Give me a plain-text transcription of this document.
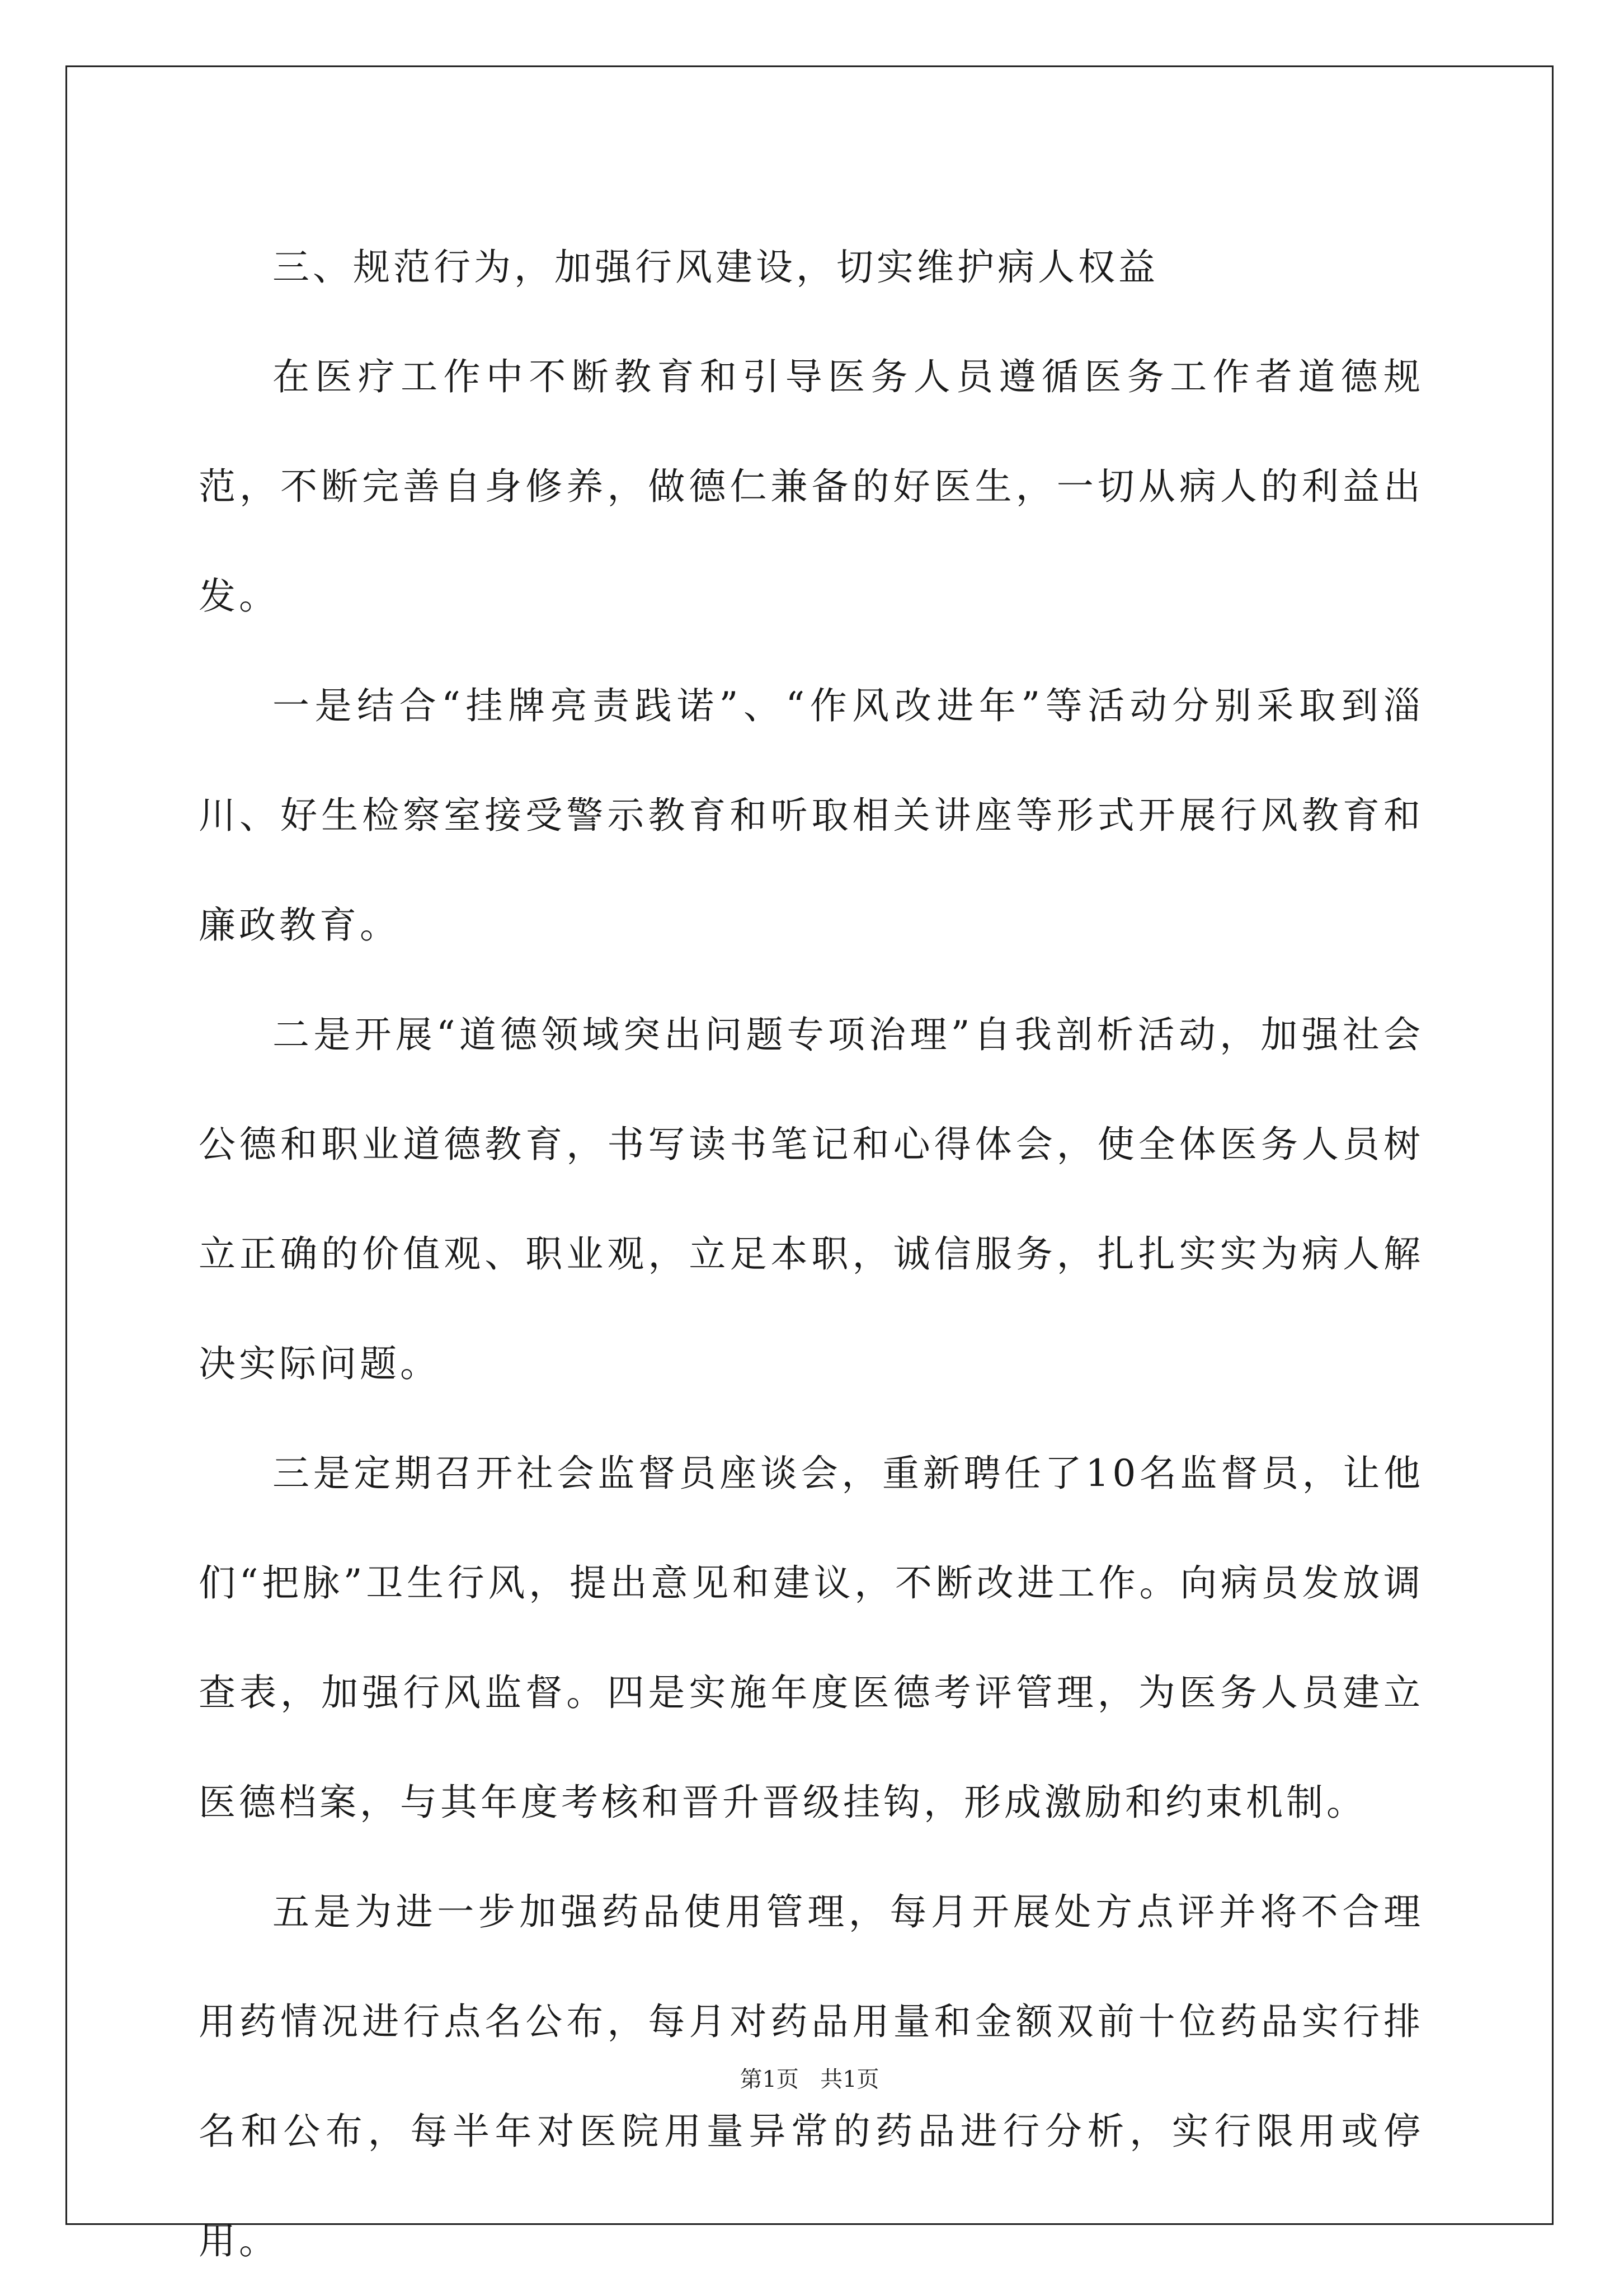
三、规范行为，加强行风建设，切实维护病人权益

在医疗工作中不断教育和引导医务人员遵循医务工作者道德规范，不断完善自身修养，做德仁兼备的好医生，一切从病人的利益出发。

一是结合“挂牌亮责践诺”、“作风改进年”等活动分别采取到淄川、好生检察室接受警示教育和听取相关讲座等形式开展行风教育和廉政教育。

二是开展“道德领域突出问题专项治理”自我剖析活动，加强社会公德和职业道德教育，书写读书笔记和心得体会，使全体医务人员树立正确的价值观、职业观，立足本职，诚信服务，扎扎实实为病人解决实际问题。

三是定期召开社会监督员座谈会，重新聘任了10名监督员，让他们“把脉”卫生行风，提出意见和建议，不断改进工作。向病员发放调查表，加强行风监督。四是实施年度医德考评管理，为医务人员建立医德档案，与其年度考核和晋升晋级挂钩，形成激励和约束机制。

五是为进一步加强药品使用管理，每月开展处方点评并将不合理用药情况进行点名公布，每月对药品用量和金额双前十位药品实行排名和公布，每半年对医院用量异常的药品进行分析，实行限用或停用。

第1页 共1页
